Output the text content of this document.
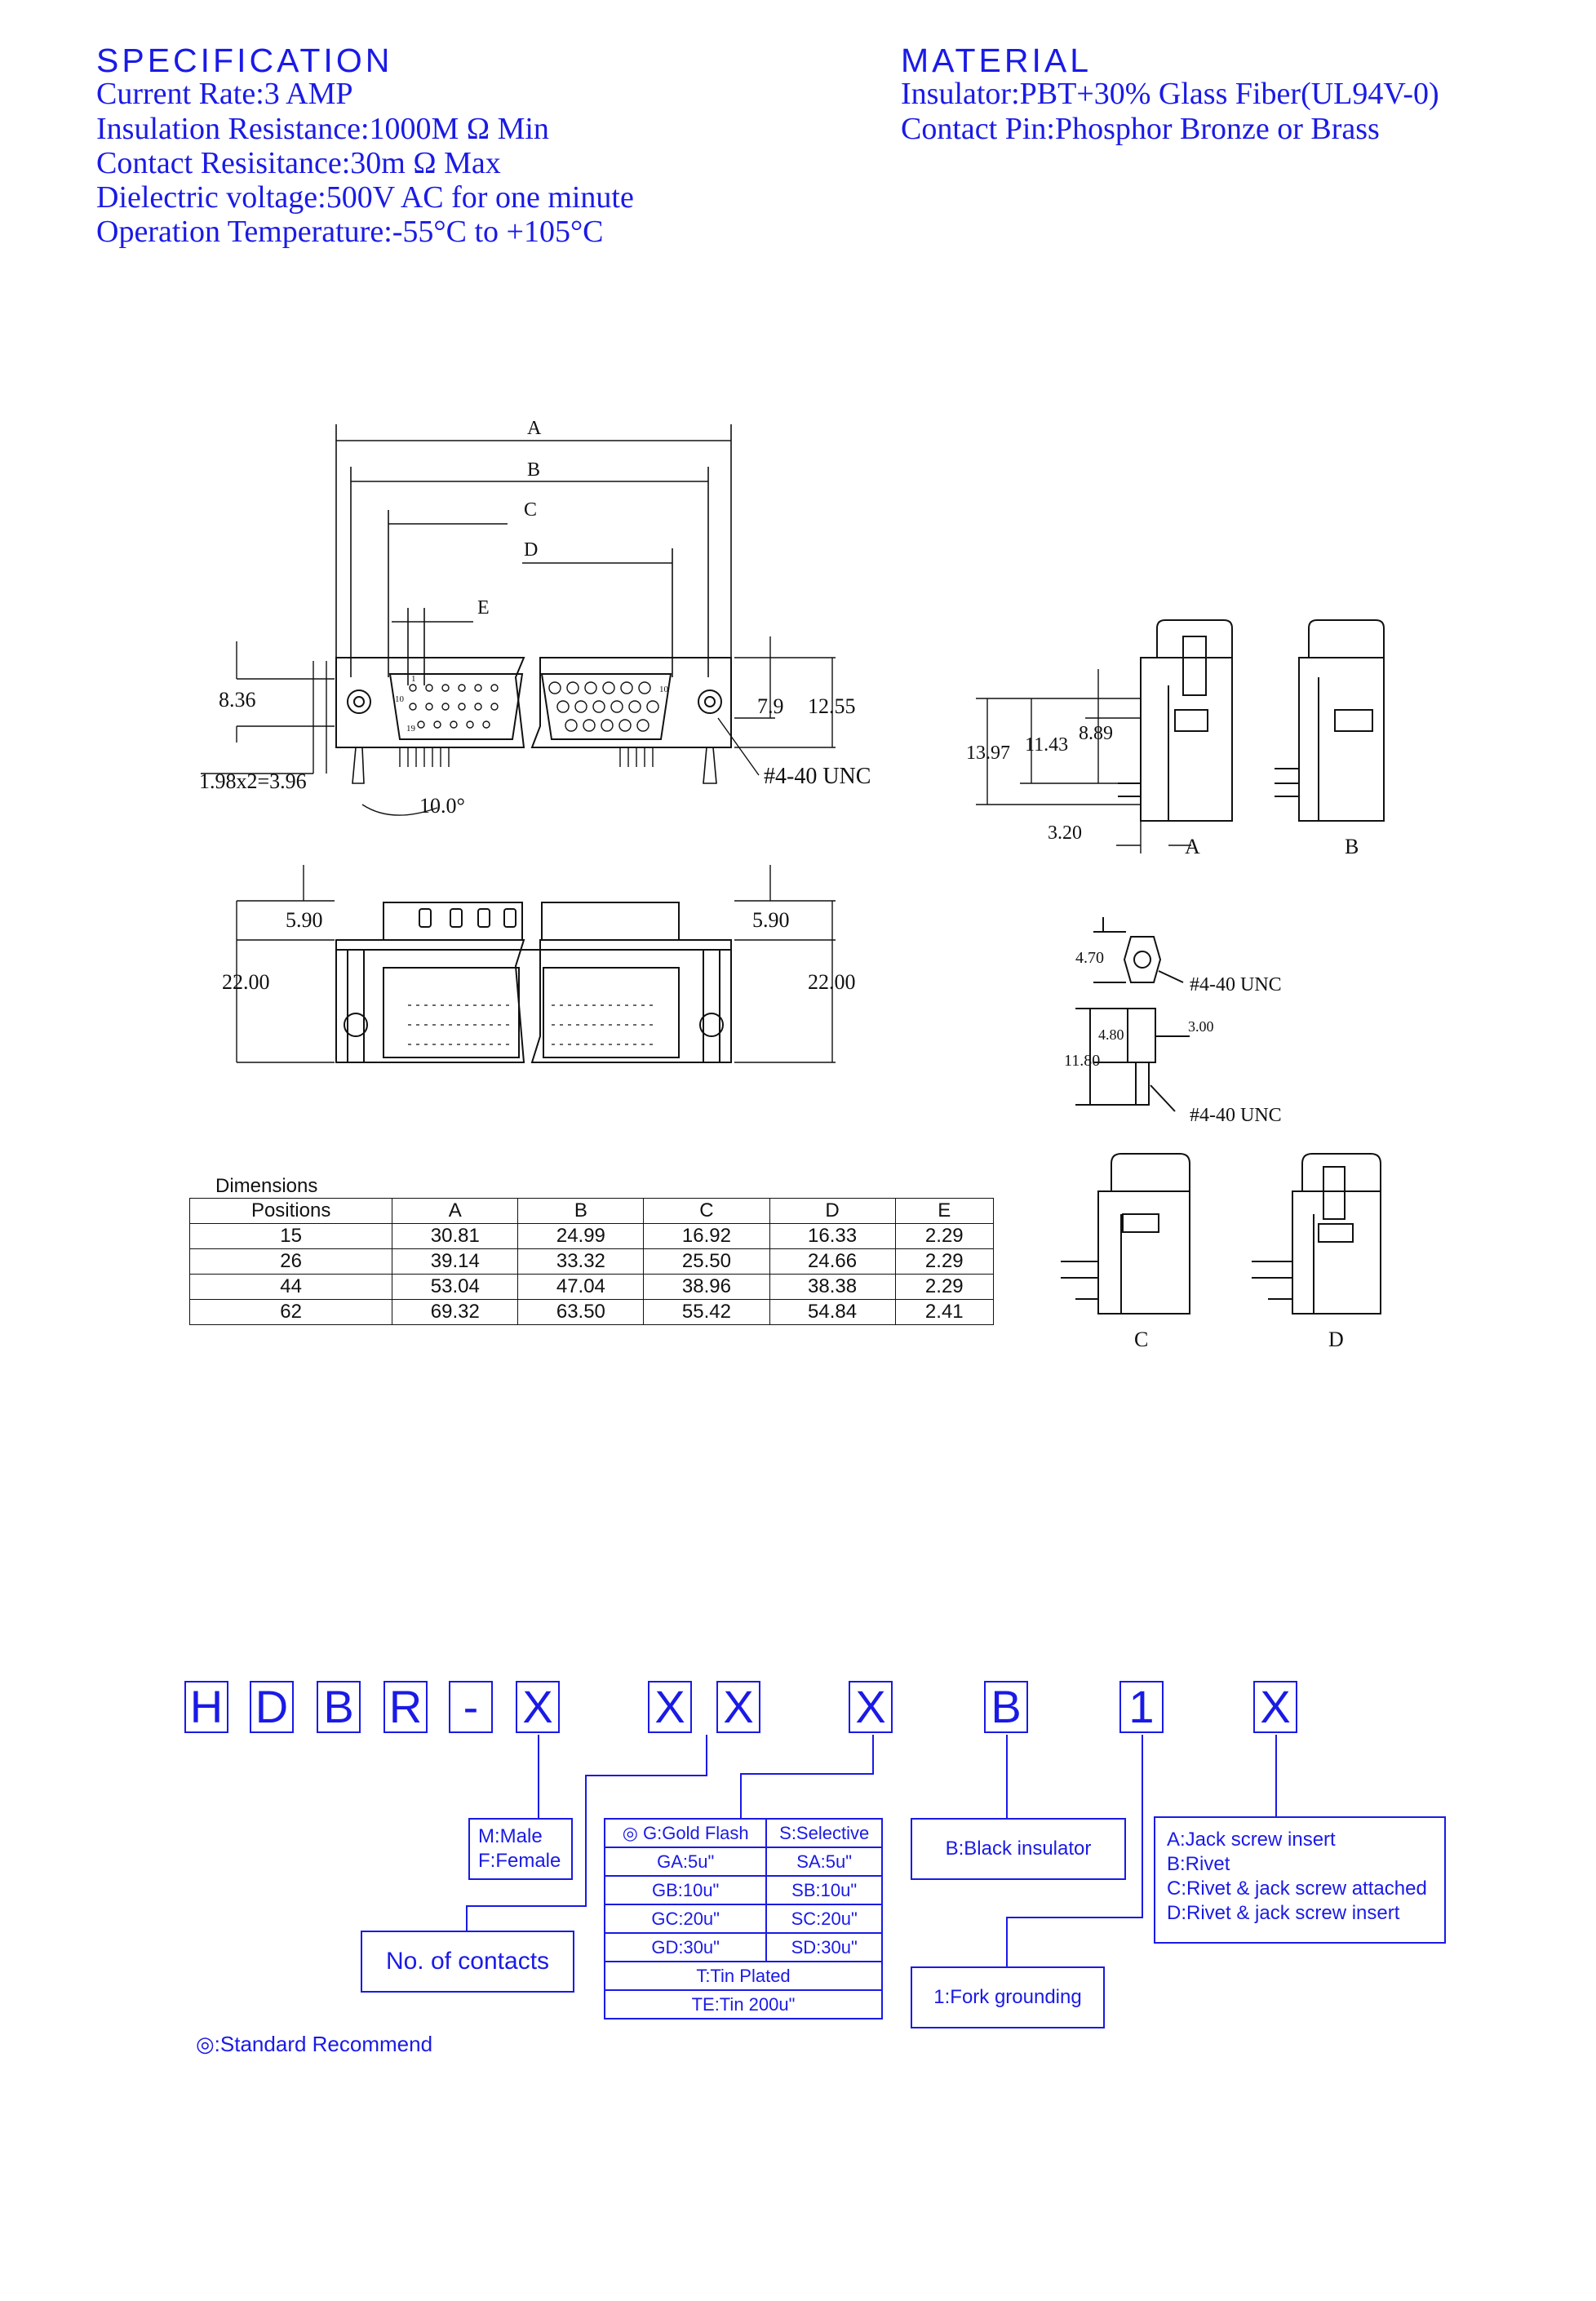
SPECIFICATION
Current Rate:3 AMP
Insulation Resistance:1000M Ω Min
Contact Resisitance:30m Ω Max
Dielectric voltage:500V AC for one minute
Operation Temperature:-55°C to +105°C
MATERIAL
Insulator:PBT+30% Glass Fiber(UL94V-0)
Contact Pin:Phosphor Bronze or Brass
A
B
C
D
E
1
10
19
10
8.36
1.98x2=3.96
10.0°
7.9 12.55
#4-40 UNC
5.90
22.00
5.90
22.00
13.97 11.43
8.89
3.20
A	B
4.70
#4-40 UNC
4.80	3.00
11.80
#4-40 UNC
C	D
Dimensions
Positions	A	B	C	D	E
15	30.81	24.99	16.92	16.33	2.29
26	39.14	33.32	25.50	24.66	2.29
44	53.04	47.04	38.96	38.38	2.29
62	69.32	63.50	55.42	54.84	2.41
H D B R - X X X X B 1 X
M:Male
F:Female
No. of contacts
◎ G:Gold Flash	S:Selective
GA:5u"	SA:5u"
GB:10u"	SB:10u"
GC:20u"	SC:20u"
GD:30u"	SD:30u"
T:Tin Plated	
TE:Tin 200u"	
B:Black insulator
1:Fork grounding
A:Jack screw insert
B:Rivet
C:Rivet & jack screw attached
D:Rivet & jack screw insert
◎:Standard Recommend
